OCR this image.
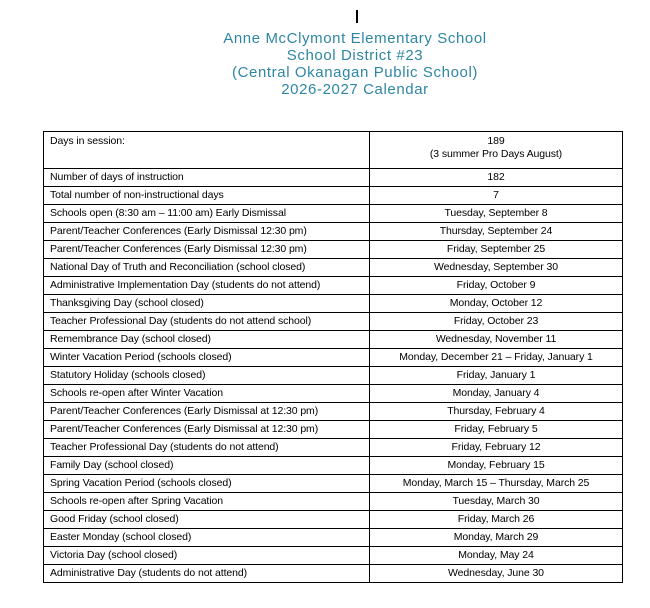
Anne McClymont Elementary School
School District #23
(Central Okanagan Public School)
2026-2027 Calendar
Days in session:	189
(3 summer Pro Days August)

Number of days of instruction	182
Total number of non-instructional days	7
Schools open (8:30 am – 11:00 am) Early Dismissal	Tuesday, September 8
Parent/Teacher Conferences (Early Dismissal 12:30 pm)	Thursday, September 24
Parent/Teacher Conferences (Early Dismissal 12:30 pm)	Friday, September 25
National Day of Truth and Reconciliation (school closed)	Wednesday, September 30
Administrative Implementation Day (students do not attend)	Friday, October 9
Thanksgiving Day (school closed)	Monday, October 12
Teacher Professional Day (students do not attend school)	Friday, October 23
Remembrance Day (school closed)	Wednesday, November 11
Winter Vacation Period (schools closed)	Monday, December 21 – Friday, January 1
Statutory Holiday (schools closed)	Friday, January 1
Schools re-open after Winter Vacation	Monday, January 4
Parent/Teacher Conferences (Early Dismissal at 12:30 pm)	Thursday, February 4
Parent/Teacher Conferences (Early Dismissal at 12:30 pm)	Friday, February 5
Teacher Professional Day (students do not attend)	Friday, February 12
Family Day (school closed)	Monday, February 15
Spring Vacation Period (schools closed)	Monday, March 15 – Thursday, March 25
Schools re-open after Spring Vacation	Tuesday, March 30
Good Friday (school closed)	Friday, March 26
Easter Monday (school closed)	Monday, March 29
Victoria Day (school closed)	Monday, May 24
Administrative Day (students do not attend)	Wednesday, June 30
